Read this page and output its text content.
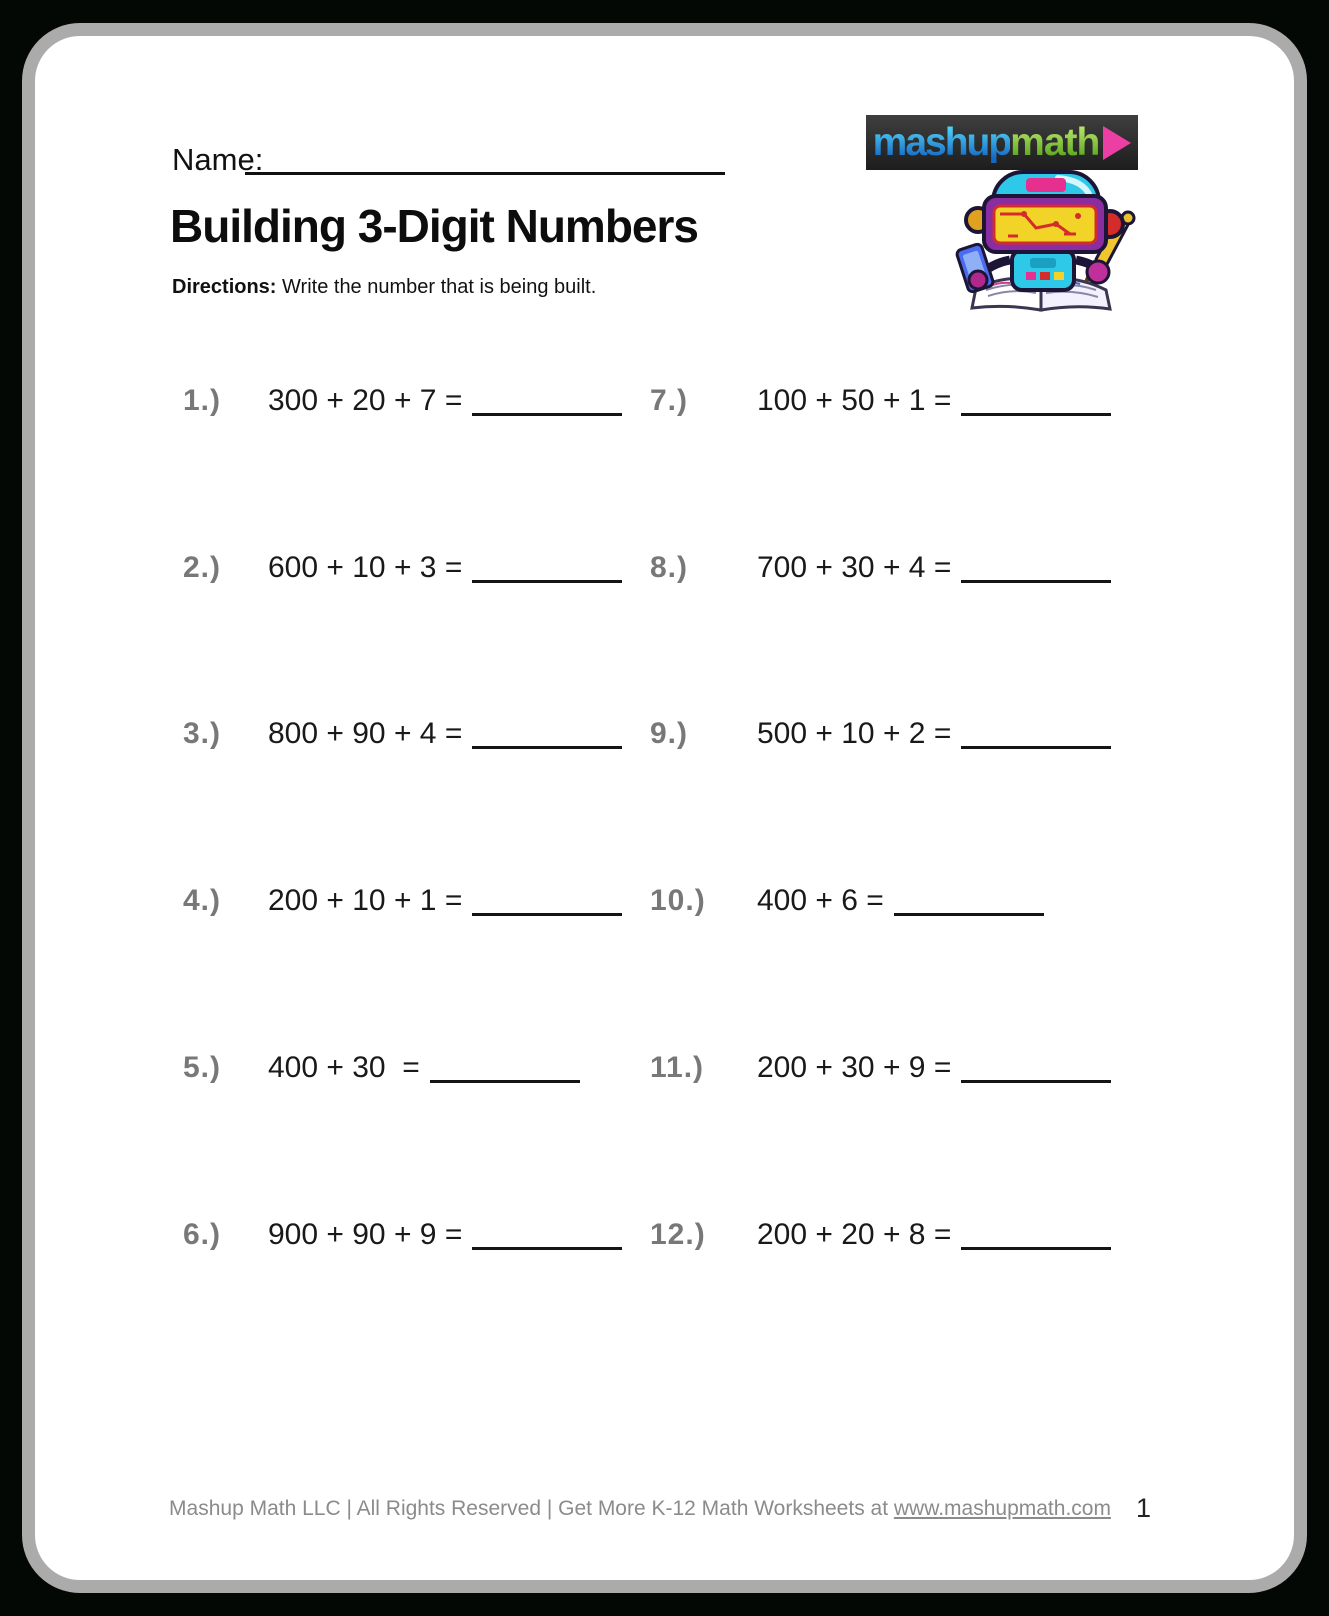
Name:	mashup math
Building 3-Digit Numbers
Directions: Write the number that is being built.
1.) 300 + 20 + 7 =
2.) 600 + 10 + 3 =
3.) 800 + 90 + 4 =
4.) 200 + 10 + 1 =
5.) 400 + 30  =
6.) 900 + 90 + 9 =
7.) 100 + 50 + 1 =
8.) 700 + 30 + 4 =
9.) 500 + 10 + 2 =
10.) 400 + 6 =
11.) 200 + 30 + 9 =
12.) 200 + 20 + 8 =
Mashup Math LLC | All Rights Reserved | Get More K-12 Math Worksheets at www.mashupmath.com 1
